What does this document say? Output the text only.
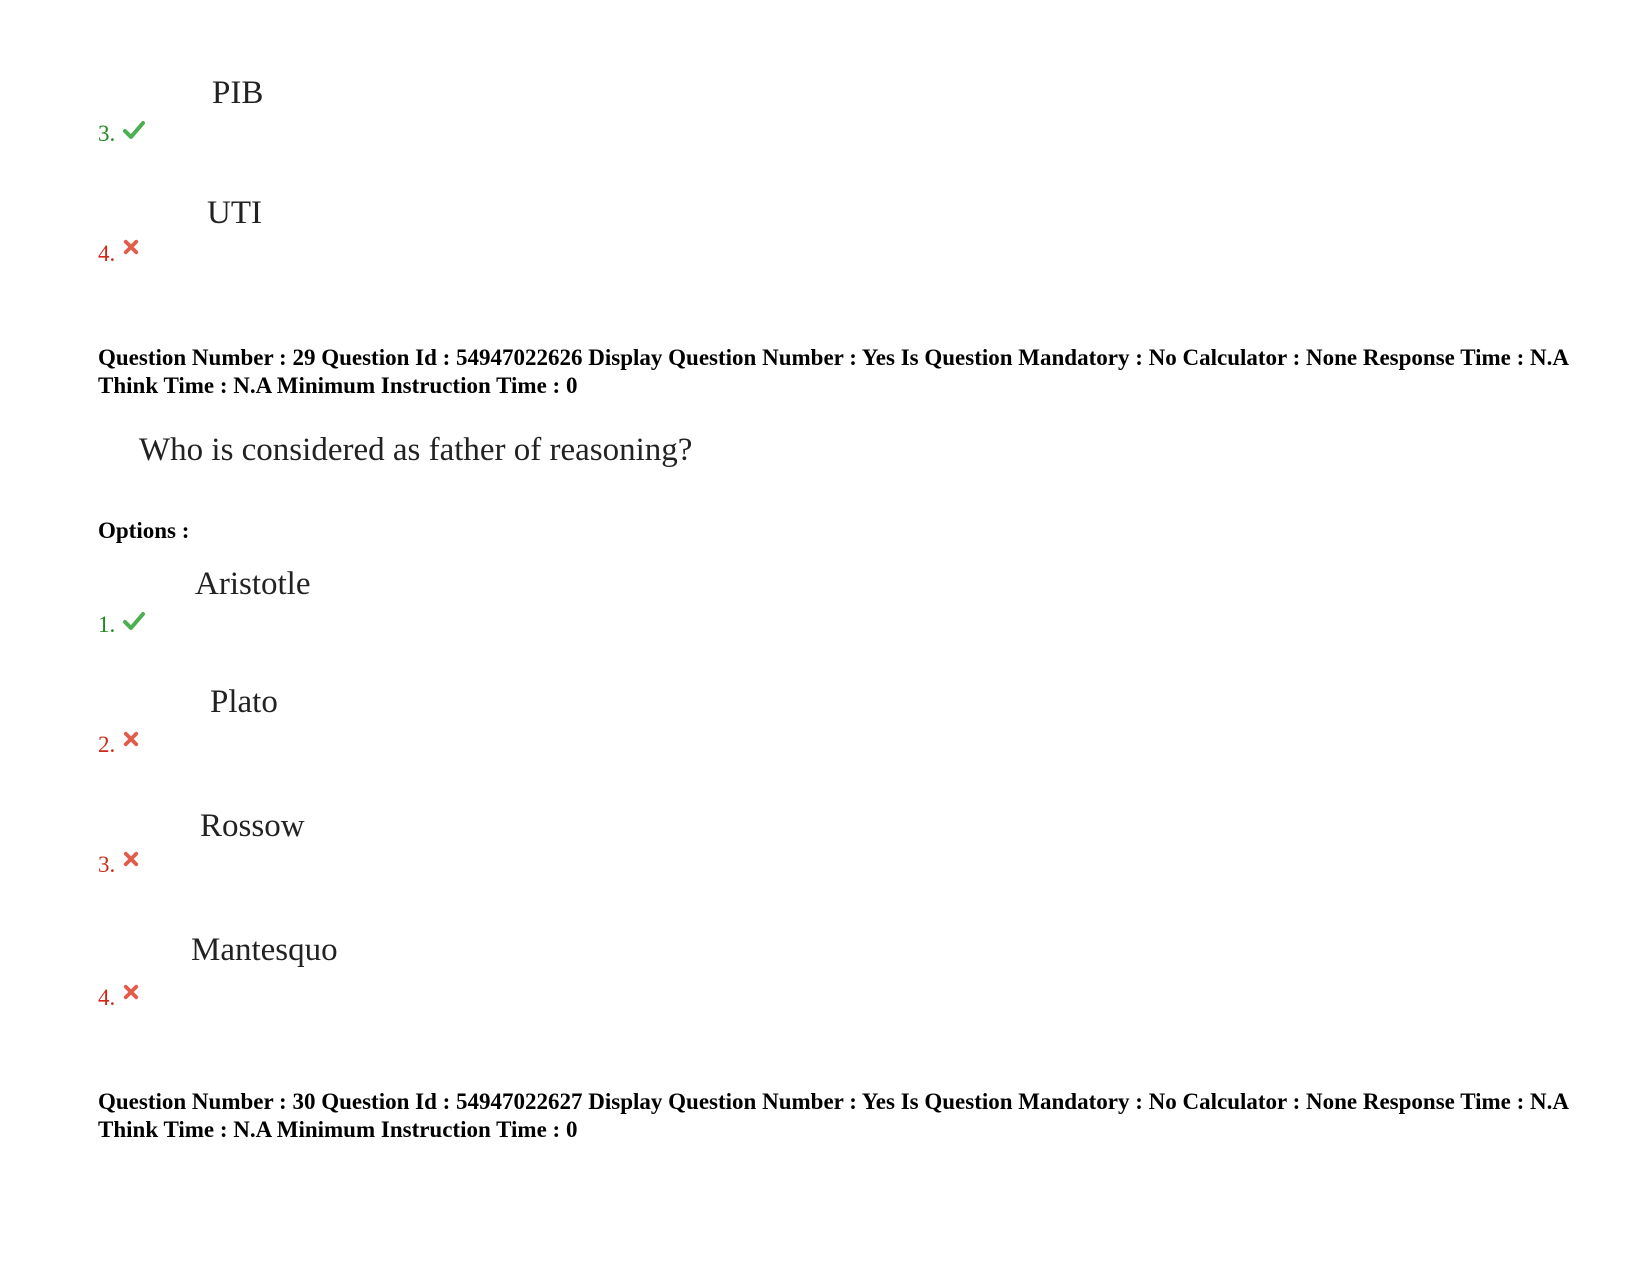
PIB
3.
UTI
4.
Question Number : 29 Question Id : 54947022626 Display Question Number : Yes Is Question Mandatory : No Calculator : None Response Time : N.A Think Time : N.A Minimum Instruction Time : 0
Who is considered as father of reasoning?
Options :
Aristotle
1.
Plato
2.
Rossow
3.
Mantesquo
4.
Question Number : 30 Question Id : 54947022627 Display Question Number : Yes Is Question Mandatory : No Calculator : None Response Time : N.A Think Time : N.A Minimum Instruction Time : 0
